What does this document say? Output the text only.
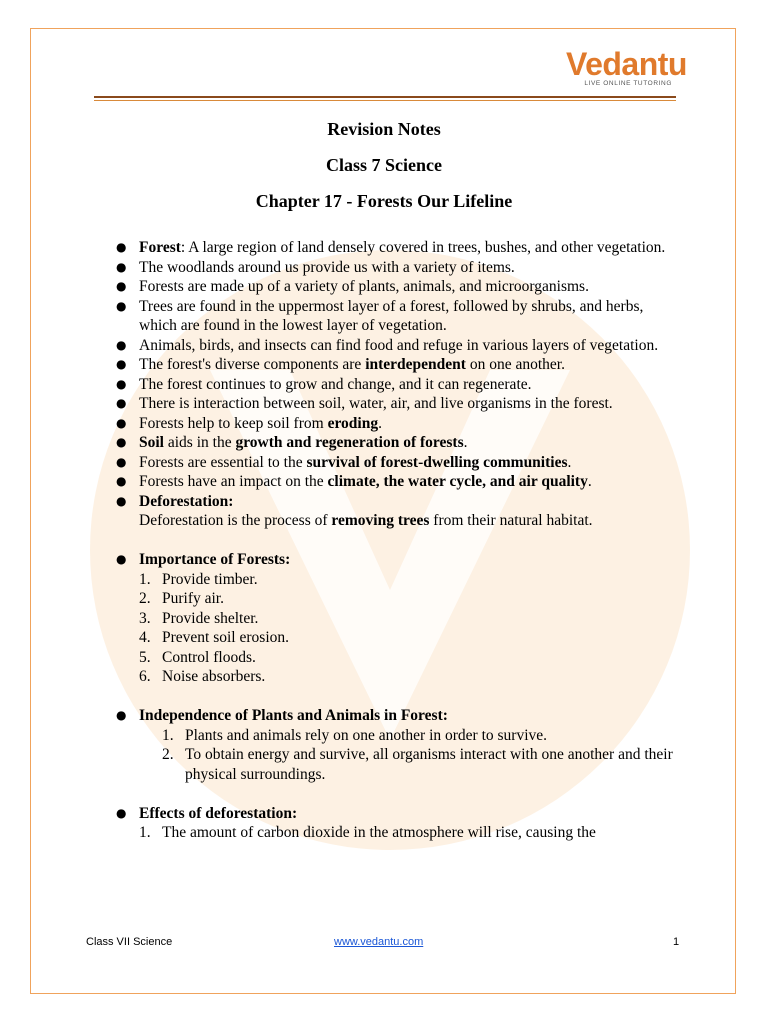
Vedantu
LIVE ONLINE TUTORING
Revision Notes
Class 7 Science
Chapter 17 - Forests Our Lifeline
● Forest: A large region of land densely covered in trees, bushes, and other vegetation.
● The woodlands around us provide us with a variety of items.
● Forests are made up of a variety of plants, animals, and microorganisms.
● Trees are found in the uppermost layer of a forest, followed by shrubs, and herbs, which are found in the lowest layer of vegetation.
● Animals, birds, and insects can find food and refuge in various layers of vegetation.
● The forest's diverse components are interdependent on one another.
● The forest continues to grow and change, and it can regenerate.
● There is interaction between soil, water, air, and live organisms in the forest.
● Forests help to keep soil from eroding.
● Soil aids in the growth and regeneration of forests.
● Forests are essential to the survival of forest-dwelling communities.
● Forests have an impact on the climate, the water cycle, and air quality.
● Deforestation:
Deforestation is the process of removing trees from their natural habitat.
● Importance of Forests:
1. Provide timber.
2. Purify air.
3. Provide shelter.
4. Prevent soil erosion.
5. Control floods.
6. Noise absorbers.
● Independence of Plants and Animals in Forest:
1. Plants and animals rely on one another in order to survive.
2. To obtain energy and survive, all organisms interact with one another and their physical surroundings.
● Effects of deforestation:
1. The amount of carbon dioxide in the atmosphere will rise, causing the
Class VII Science	www.vedantu.com	1
